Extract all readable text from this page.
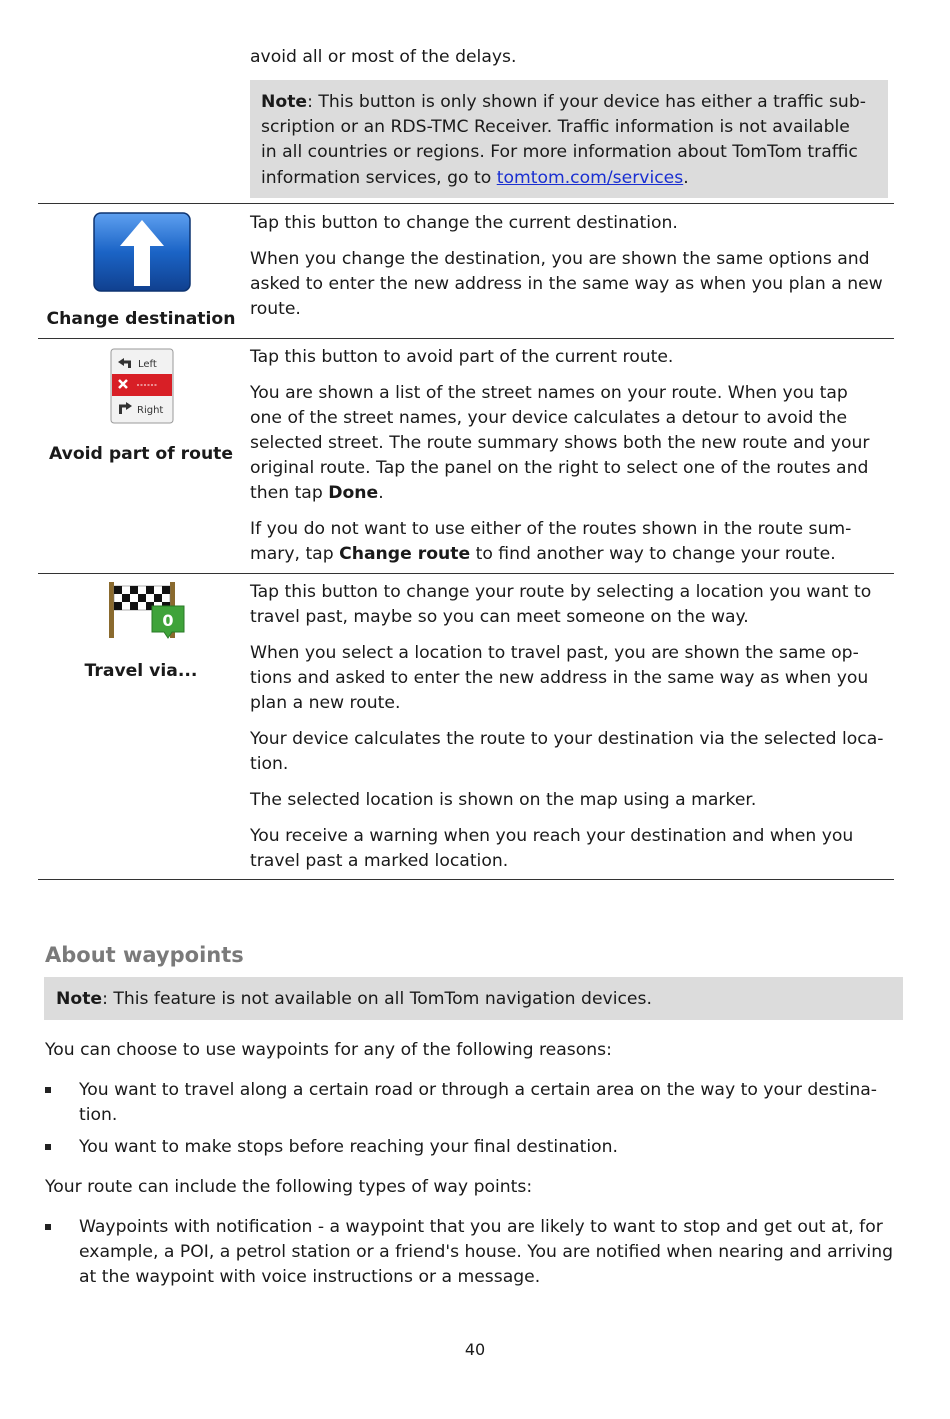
avoid all or most of the delays.

Note: This button is only shown if your device has either a traffic sub-

scription or an RDS-TMC Receiver. Traffic information is not available

in all countries or regions. For more information about TomTom traffic

information services, go to tomtom.com/services.

Change destination

Tap this button to change the current destination.

When you change the destination, you are shown the same options and
asked to enter the new address in the same way as when you plan a new
route.

Left
Right
Avoid part of route

Tap this button to avoid part of the current route.

You are shown a list of the street names on your route. When you tap
one of the street names, your device calculates a detour to avoid the
selected street. The route summary shows both the new route and your
original route. Tap the panel on the right to select one of the routes and
then tap Done.

If you do not want to use either of the routes shown in the route sum-
mary, tap Change route to find another way to change your route.

0
Travel via...

Tap this button to change your route by selecting a location you want to
travel past, maybe so you can meet someone on the way.

When you select a location to travel past, you are shown the same op-
tions and asked to enter the new address in the same way as when you
plan a new route.

Your device calculates the route to your destination via the selected loca-
tion.

The selected location is shown on the map using a marker.

You receive a warning when you reach your destination and when you
travel past a marked location.

About waypoints

Note: This feature is not available on all TomTom navigation devices.

You can choose to use waypoints for any of the following reasons:

You want to travel along a certain road or through a certain area on the way to your destina-
tion.

You want to make stops before reaching your final destination.

Your route can include the following types of way points:

Waypoints with notification - a waypoint that you are likely to want to stop and get out at, for
example, a POI, a petrol station or a friend's house. You are notified when nearing and arriving
at the waypoint with voice instructions or a message.

40
